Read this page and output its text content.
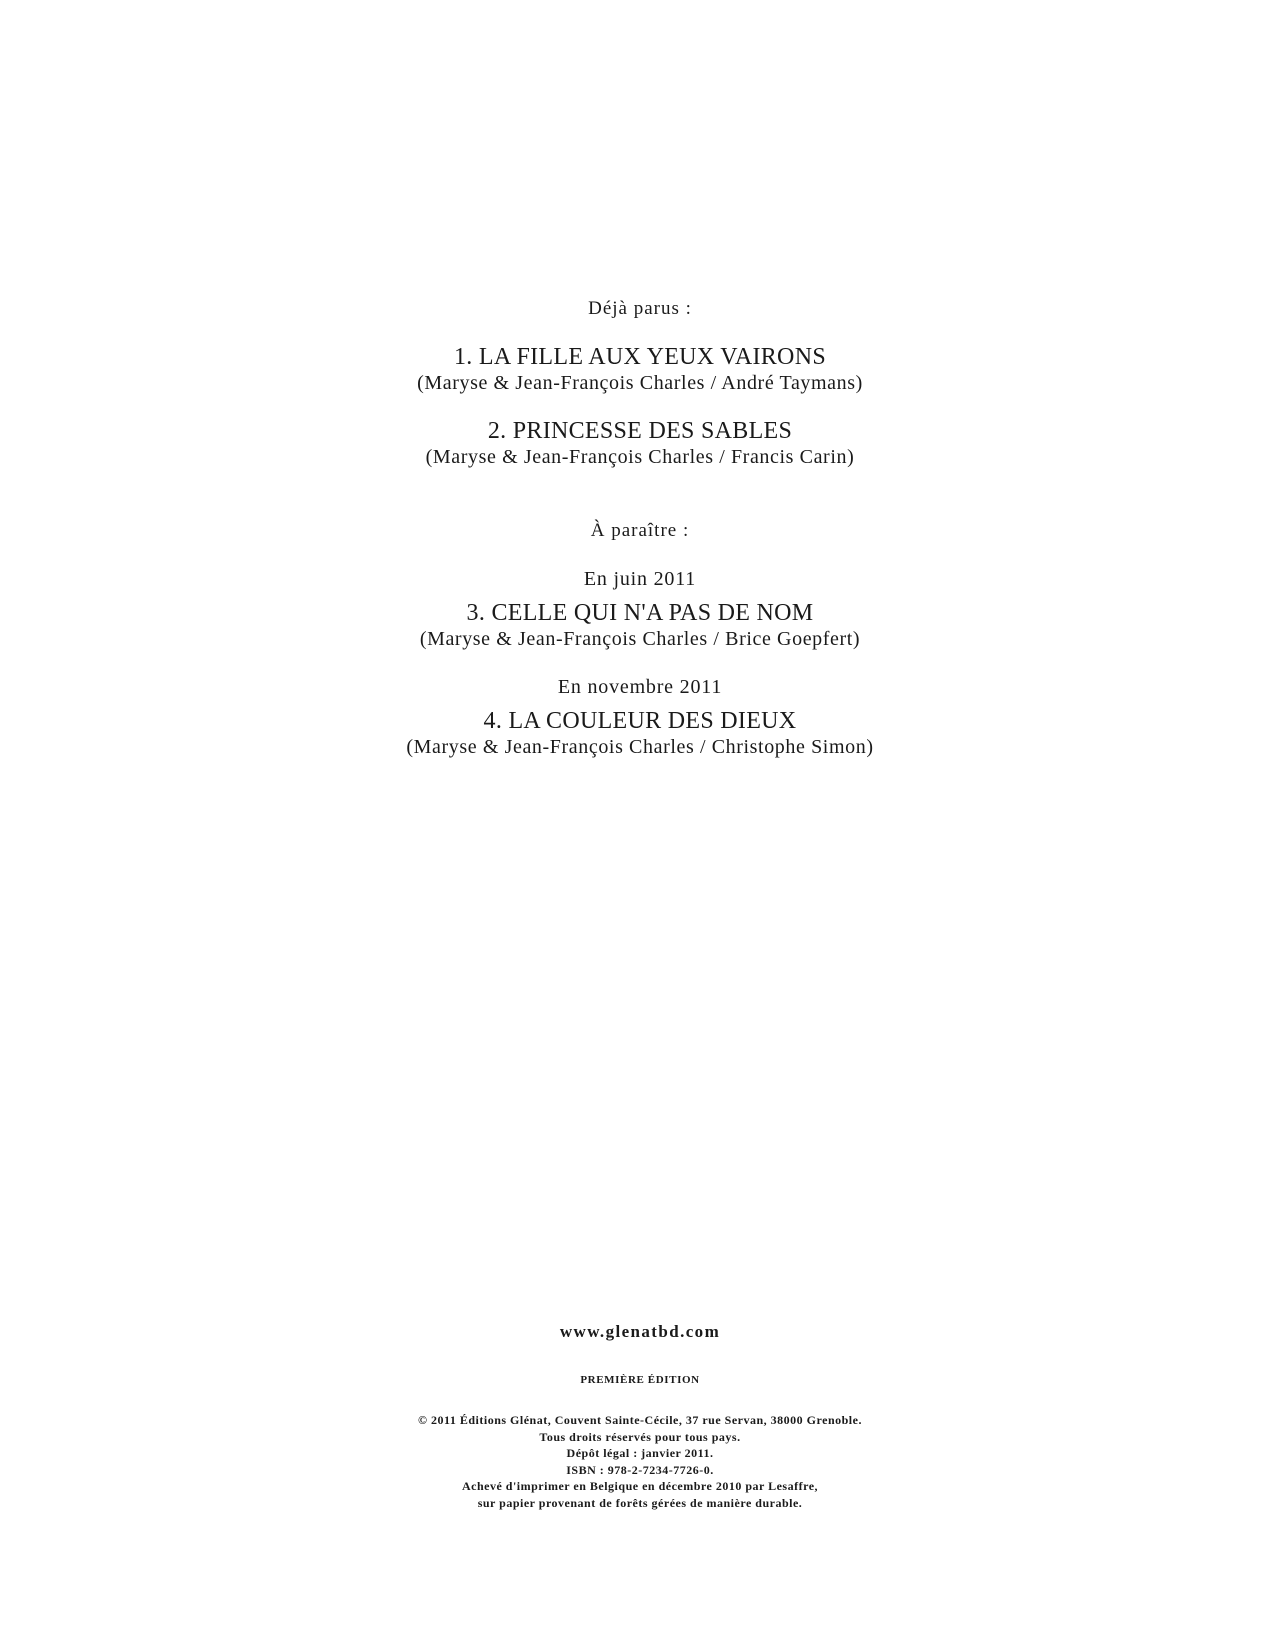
Déjà parus :
1. LA FILLE AUX YEUX VAIRONS
(Maryse & Jean-François Charles / André Taymans)
2. PRINCESSE DES SABLES
(Maryse & Jean-François Charles / Francis Carin)
À paraître :
En juin 2011
3. CELLE QUI N'A PAS DE NOM
(Maryse & Jean-François Charles / Brice Goepfert)
En novembre 2011
4. LA COULEUR DES DIEUX
(Maryse & Jean-François Charles / Christophe Simon)
www.glenatbd.com
PREMIÈRE ÉDITION
© 2011 Éditions Glénat, Couvent Sainte-Cécile, 37 rue Servan, 38000 Grenoble.
Tous droits réservés pour tous pays.
Dépôt légal : janvier 2011.
ISBN : 978-2-7234-7726-0.
Achevé d'imprimer en Belgique en décembre 2010 par Lesaffre,
sur papier provenant de forêts gérées de manière durable.
